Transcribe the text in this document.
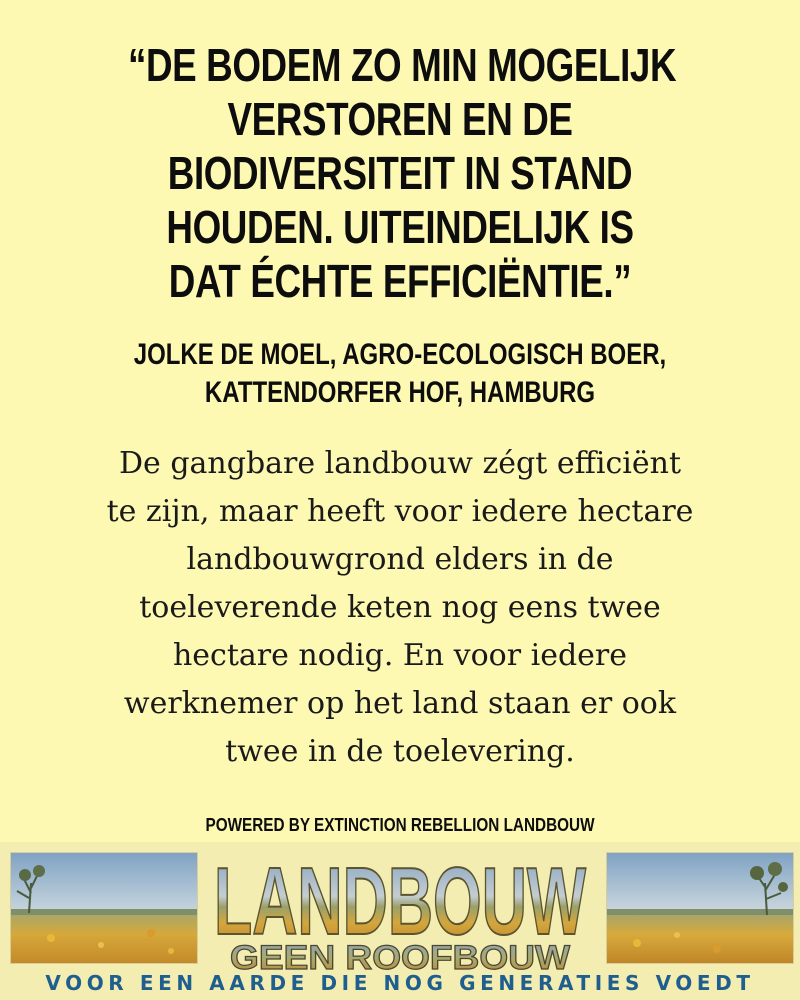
“DE BODEM ZO MIN MOGELIJK
VERSTOREN EN DE
BIODIVERSITEIT IN STAND
HOUDEN. UITEINDELIJK IS
DAT ÉCHTE EFFICIËNTIE.”
JOLKE DE MOEL, AGRO-ECOLOGISCH BOER,
KATTENDORFER HOF, HAMBURG
De gangbare landbouw zégt efficiënt
te zijn, maar heeft voor iedere hectare
landbouwgrond elders in de
toeleverende keten nog eens twee
hectare nodig. En voor iedere
werknemer op het land staan er ook
twee in de toelevering.
POWERED BY EXTINCTION REBELLION LANDBOUW
LANDBOUW
GEEN ROOFBOUW
VOOR EEN AARDE DIE NOG GENERATIES VOEDT
